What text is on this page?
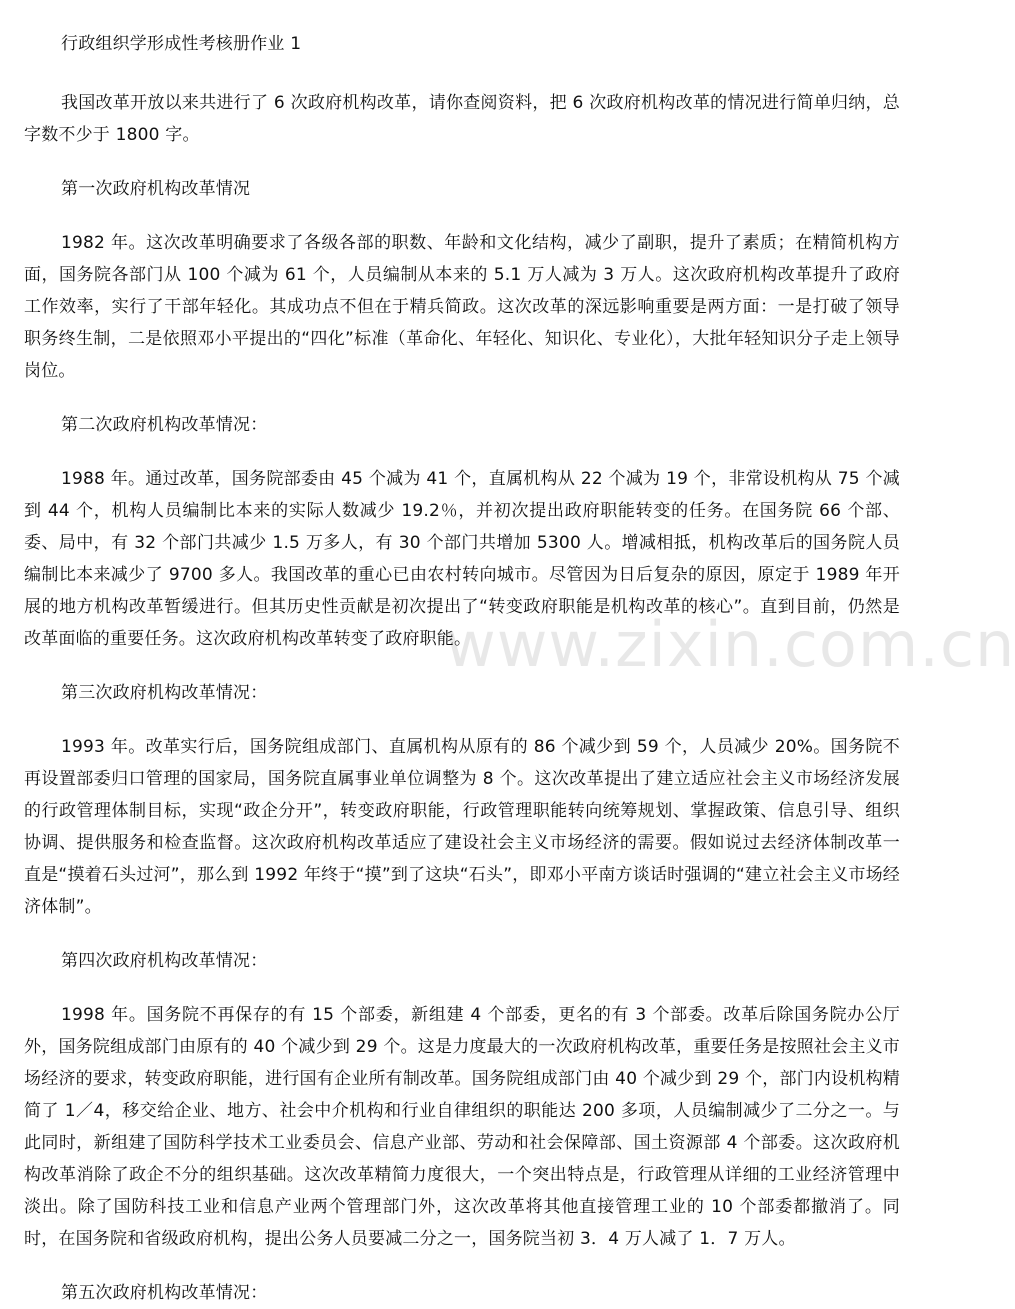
行政组织学形成性考核册作业 1

我国改革开放以来共进行了 6 次政府机构改革，请你查阅资料，把 6 次政府机构改革的情况进行简单归纳，总字数不少于 1800 字。

第一次政府机构改革情况

1982 年。这次改革明确要求了各级各部的职数、年龄和文化结构，减少了副职，提升了素质；在精简机构方面，国务院各部门从 100 个减为 61 个，人员编制从本来的 5.1 万人减为 3 万人。这次政府机构改革提升了政府工作效率，实行了干部年轻化。其成功点不但在于精兵简政。这次改革的深远影响重要是两方面：一是打破了领导职务终生制，二是依照邓小平提出的“四化”标准（革命化、年轻化、知识化、专业化），大批年轻知识分子走上领导岗位。

第二次政府机构改革情况：

1988 年。通过改革，国务院部委由 45 个减为 41 个，直属机构从 22 个减为 19 个，非常设机构从 75 个减到 44 个，机构人员编制比本来的实际人数减少 19.2％，并初次提出政府职能转变的任务。在国务院 66 个部、委、局中，有 32 个部门共减少 1.5 万多人，有 30 个部门共增加 5300 人。增减相抵，机构改革后的国务院人员编制比本来减少了 9700 多人。我国改革的重心已由农村转向城市。尽管因为日后复杂的原因，原定于 1989 年开展的地方机构改革暂缓进行。但其历史性贡献是初次提出了“转变政府职能是机构改革的核心”。直到目前，仍然是改革面临的重要任务。这次政府机构改革转变了政府职能。

第三次政府机构改革情况：

1993 年。改革实行后，国务院组成部门、直属机构从原有的 86 个减少到 59 个，人员减少 20%。国务院不再设置部委归口管理的国家局，国务院直属事业单位调整为 8 个。这次改革提出了建立适应社会主义市场经济发展的行政管理体制目标，实现“政企分开”，转变政府职能，行政管理职能转向统筹规划、掌握政策、信息引导、组织协调、提供服务和检查监督。这次政府机构改革适应了建设社会主义市场经济的需要。假如说过去经济体制改革一直是“摸着石头过河”，那么到 1992 年终于“摸”到了这块“石头”，即邓小平南方谈话时强调的“建立社会主义市场经济体制”。

第四次政府机构改革情况：

1998 年。国务院不再保存的有 15 个部委，新组建 4 个部委，更名的有 3 个部委。改革后除国务院办公厅外，国务院组成部门由原有的 40 个减少到 29 个。这是力度最大的一次政府机构改革，重要任务是按照社会主义市场经济的要求，转变政府职能，进行国有企业所有制改革。国务院组成部门由 40 个减少到 29 个，部门内设机构精简了 1／4，移交给企业、地方、社会中介机构和行业自律组织的职能达 200 多项，人员编制减少了二分之一。与此同时，新组建了国防科学技术工业委员会、信息产业部、劳动和社会保障部、国土资源部 4 个部委。这次政府机构改革消除了政企不分的组织基础。这次改革精简力度很大，一个突出特点是，行政管理从详细的工业经济管理中淡出。除了国防科技工业和信息产业两个管理部门外，这次改革将其他直接管理工业的 10 个部委都撤消了。同时，在国务院和省级政府机构，提出公务人员要减二分之一，国务院当初 3．4 万人减了 1．7 万人。

第五次政府机构改革情况：

www.zixin.com.cn
